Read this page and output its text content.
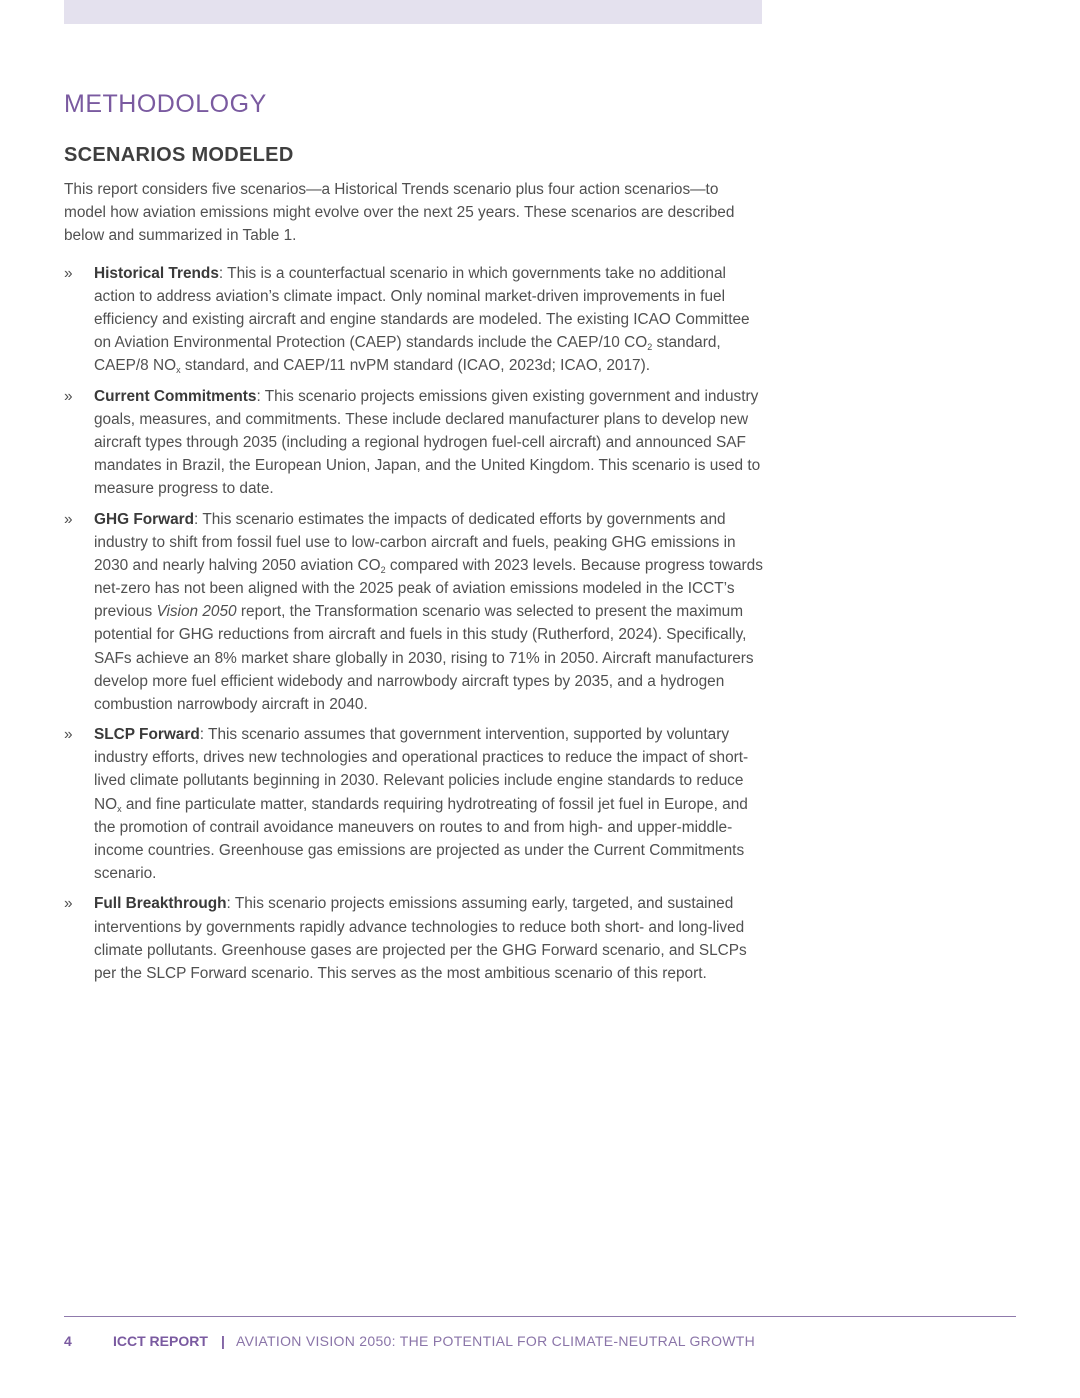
METHODOLOGY
SCENARIOS MODELED

This report considers five scenarios—a Historical Trends scenario plus four action scenarios—to model how aviation emissions might evolve over the next 25 years. These scenarios are described below and summarized in Table 1.

»	Historical Trends: This is a counterfactual scenario in which governments take no additional action to address aviation’s climate impact. Only nominal market-driven improvements in fuel efficiency and existing aircraft and engine standards are modeled. The existing ICAO Committee on Aviation Environmental Protection (CAEP) standards include the CAEP/10 $CO_2$ standard, CAEP/8 $NO_x$ standard, and CAEP/11 nvPM standard (ICAO, 2023d; ICAO, 2017).
»	Current Commitments: This scenario projects emissions given existing government and industry goals, measures, and commitments. These include declared manufacturer plans to develop new aircraft types through 2035 (including a regional hydrogen fuel-cell aircraft) and announced SAF mandates in Brazil, the European Union, Japan, and the United Kingdom. This scenario is used to measure progress to date.
»	GHG Forward: This scenario estimates the impacts of dedicated efforts by governments and industry to shift from fossil fuel use to low-carbon aircraft and fuels, peaking GHG emissions in 2030 and nearly halving 2050 aviation $CO_2$ compared with 2023 levels. Because progress towards net-zero has not been aligned with the 2025 peak of aviation emissions modeled in the ICCT’s previous Vision 2050 report, the Transformation scenario was selected to present the maximum potential for GHG reductions from aircraft and fuels in this study (Rutherford, 2024). Specifically, SAFs achieve an 8% market share globally in 2030, rising to 71% in 2050. Aircraft manufacturers develop more fuel efficient widebody and narrowbody aircraft types by 2035, and a hydrogen combustion narrowbody aircraft in 2040.
»	SLCP Forward: This scenario assumes that government intervention, supported by voluntary industry efforts, drives new technologies and operational practices to reduce the impact of short-lived climate pollutants beginning in 2030. Relevant policies include engine standards to reduce $NO_x$ and fine particulate matter, standards requiring hydrotreating of fossil jet fuel in Europe, and the promotion of contrail avoidance maneuvers on routes to and from high- and upper-middle-income countries. Greenhouse gas emissions are projected as under the Current Commitments scenario.
»	Full Breakthrough: This scenario projects emissions assuming early, targeted, and sustained interventions by governments rapidly advance technologies to reduce both short- and long-lived climate pollutants. Greenhouse gases are projected per the GHG Forward scenario, and SLCPs per the SLCP Forward scenario. This serves as the most ambitious scenario of this report.
4	ICCT REPORT | AVIATION VISION 2050: THE POTENTIAL FOR CLIMATE-NEUTRAL GROWTH
